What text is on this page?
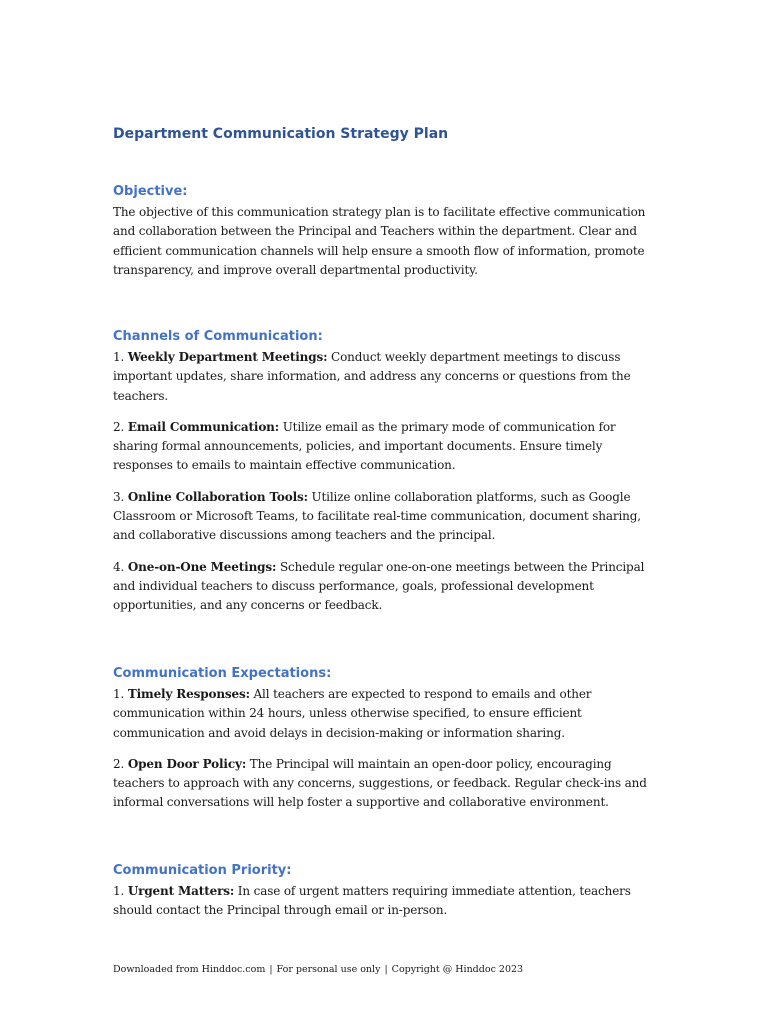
Department Communication Strategy Plan
Objective:

The objective of this communication strategy plan is to facilitate effective communication and collaboration between the Principal and Teachers within the department. Clear and efficient communication channels will help ensure a smooth flow of information, promote transparency, and improve overall departmental productivity.

Channels of Communication:

1. Weekly Department Meetings: Conduct weekly department meetings to discuss important updates, share information, and address any concerns or questions from the teachers.

2. Email Communication: Utilize email as the primary mode of communication for sharing formal announcements, policies, and important documents. Ensure timely responses to emails to maintain effective communication.

3. Online Collaboration Tools: Utilize online collaboration platforms, such as Google Classroom or Microsoft Teams, to facilitate real-time communication, document sharing, and collaborative discussions among teachers and the principal.

4. One-on-One Meetings: Schedule regular one-on-one meetings between the Principal and individual teachers to discuss performance, goals, professional development opportunities, and any concerns or feedback.

Communication Expectations:

1. Timely Responses: All teachers are expected to respond to emails and other communication within 24 hours, unless otherwise specified, to ensure efficient communication and avoid delays in decision-making or information sharing.

2. Open Door Policy: The Principal will maintain an open-door policy, encouraging teachers to approach with any concerns, suggestions, or feedback. Regular check-ins and informal conversations will help foster a supportive and collaborative environment.

Communication Priority:

1. Urgent Matters: In case of urgent matters requiring immediate attention, teachers should contact the Principal through email or in-person.

Downloaded from Hinddoc.com | For personal use only | Copyright @ Hinddoc 2023
